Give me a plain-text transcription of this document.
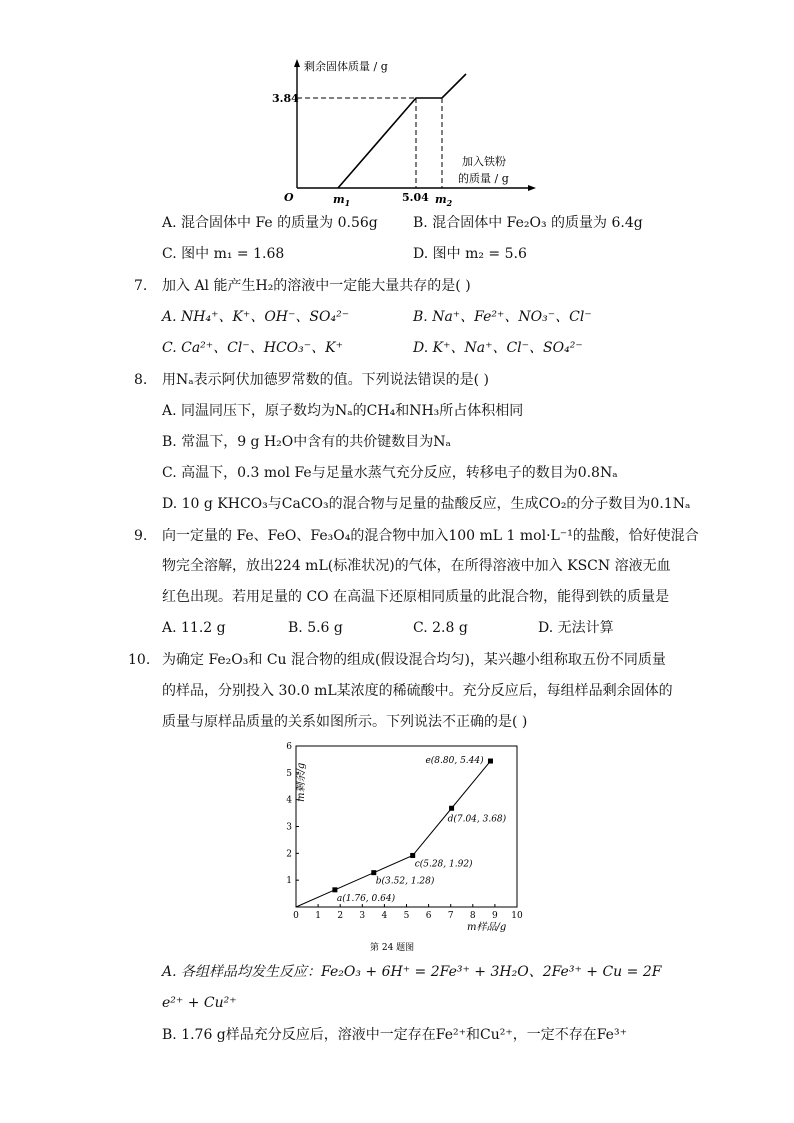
剩余固体质量 / g
3.84
O	$m_1$	5.04 $m_2$
加入铁粉
的质量 / g
A. 混合固体中 Fe 的质量为 0.56g	B. 混合固体中 Fe₂O₃ 的质量为 6.4g
C. 图中 m₁ = 1.68	D. 图中 m₂ = 5.6
7. 加入 Al 能产生H₂的溶液中一定能大量共存的是( )
A. NH₄⁺、K⁺、OH⁻、SO₄²⁻	B. Na⁺、Fe²⁺、NO₃⁻、Cl⁻
C. Ca²⁺、Cl⁻、HCO₃⁻、K⁺	D. K⁺、Na⁺、Cl⁻、SO₄²⁻
8. 用Nₐ表示阿伏加德罗常数的值。下列说法错误的是( )
A. 同温同压下，原子数均为Nₐ的CH₄和NH₃所占体积相同
B. 常温下，9 g H₂O中含有的共价键数目为Nₐ
C. 高温下，0.3 mol Fe与足量水蒸气充分反应，转移电子的数目为0.8Nₐ
D. 10 g KHCO₃与CaCO₃的混合物与足量的盐酸反应，生成CO₂的分子数目为0.1Nₐ
9. 向一定量的 Fe、FeO、Fe₃O₄的混合物中加入100 mL 1 mol·L⁻¹的盐酸，恰好使混合
物完全溶解，放出224 mL(标准状况)的气体，在所得溶液中加入 KSCN 溶液无血
红色出现。若用足量的 CO 在高温下还原相同质量的此混合物，能得到铁的质量是
A. 11.2 g	B. 5.6 g	C. 2.8 g	D. 无法计算
10. 为确定 Fe₂O₃和 Cu 混合物的组成(假设混合均匀)，某兴趣小组称取五份不同质量
的样品，分别投入 30.0 mL某浓度的稀硫酸中。充分反应后，每组样品剩余固体的
质量与原样品质量的关系如图所示。下列说法不正确的是( )
0 1 2 3 4 5 6 7 8 9 10
1
2
3
4
5
6
a(1.76, 0.64)
b(3.52, 1.28)
c(5.28, 1.92)
d(7.04, 3.68)
e(8.80, 5.44)
m剩余/g
m样品/g
第 24 题图
A. 各组样品均发生反应：Fe₂O₃ + 6H⁺ = 2Fe³⁺ + 3H₂O、2Fe³⁺ + Cu = 2F
e²⁺ + Cu²⁺
B. 1.76 g样品充分反应后，溶液中一定存在Fe²⁺和Cu²⁺，一定不存在Fe³⁺
